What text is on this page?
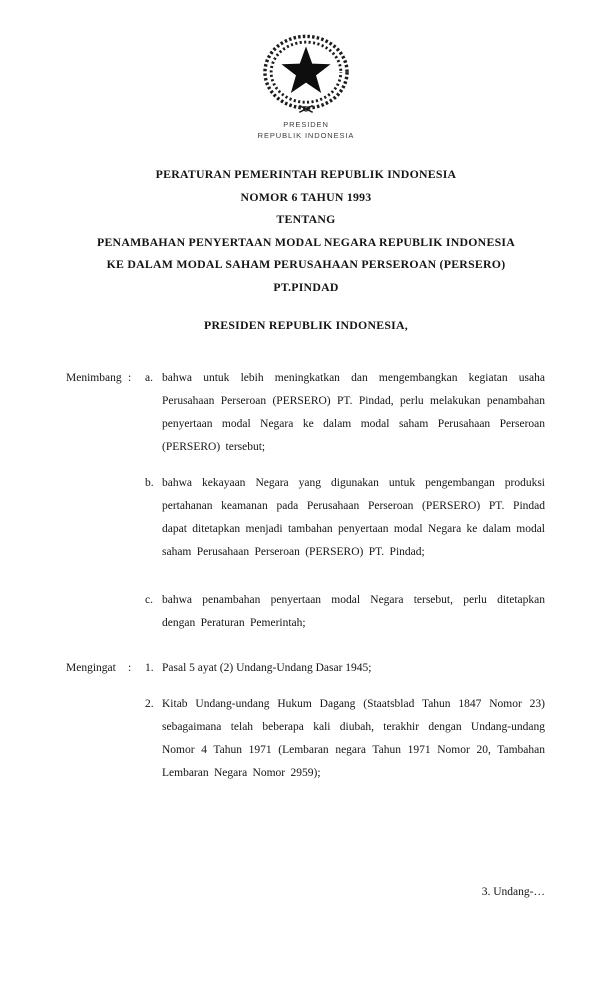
PRESIDEN
REPUBLIK INDONESIA
PERATURAN PEMERINTAH REPUBLIK INDONESIA
NOMOR 6 TAHUN 1993
TENTANG
PENAMBAHAN PENYERTAAN MODAL NEGARA REPUBLIK INDONESIA
KE DALAM MODAL SAHAM PERUSAHAAN PERSEROAN (PERSERO)
PT.PINDAD
PRESIDEN REPUBLIK INDONESIA,
Menimbang :	a. bahwa untuk lebih meningkatkan dan mengembangkan kegiatan usaha Perusahaan Perseroan (PERSERO) PT. Pindad, perlu melakukan penambahan penyertaan modal Negara ke dalam modal saham Perusahaan Perseroan (PERSERO) tersebut;
b. bahwa kekayaan Negara yang digunakan untuk pengembangan produksi pertahanan keamanan pada Perusahaan Perseroan (PERSERO) PT. Pindad dapat ditetapkan menjadi tambahan penyertaan modal Negara ke dalam modal saham Perusahaan Perseroan (PERSERO) PT. Pindad;
c. bahwa penambahan penyertaan modal Negara tersebut, perlu ditetapkan dengan Peraturan Pemerintah;
Mengingat	:	1. Pasal 5 ayat (2) Undang-Undang Dasar 1945;
2. Kitab Undang-undang Hukum Dagang (Staatsblad Tahun 1847 Nomor 23) sebagaimana telah beberapa kali diubah, terakhir dengan Undang-undang Nomor 4 Tahun 1971 (Lembaran negara Tahun 1971 Nomor 20, Tambahan Lembaran Negara Nomor 2959);
3. Undang-…
